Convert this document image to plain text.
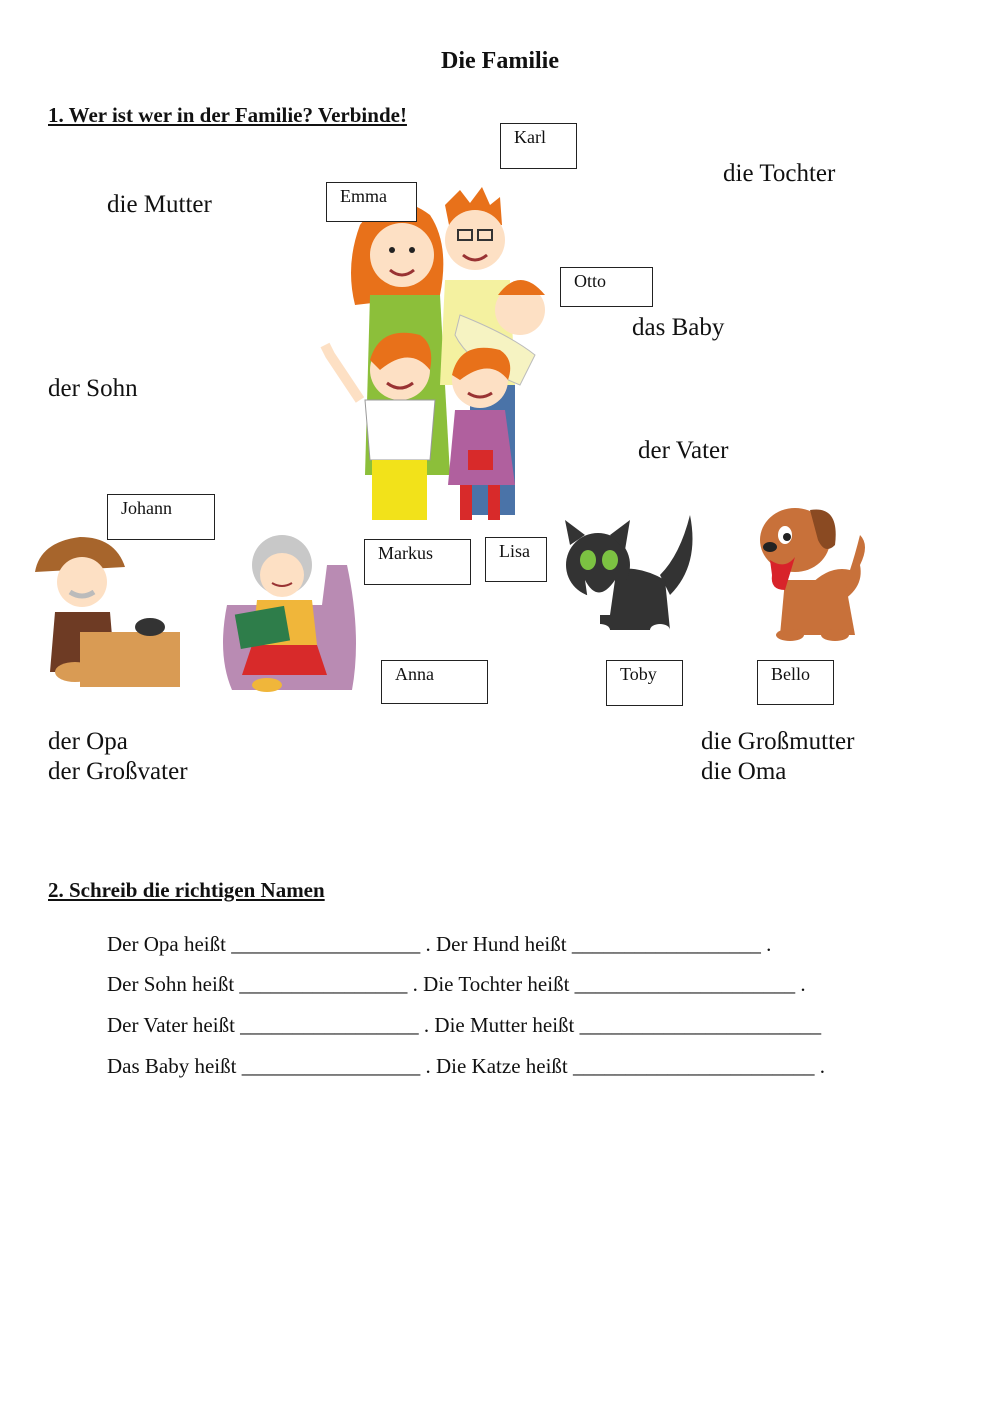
Die Familie
1. Wer ist wer in der Familie? Verbinde!
die Tochter
die Mutter
das Baby
der Sohn
der Vater
der Opa
der Großvater
die Großmutter
die Oma
Karl
Emma
Otto
Johann
Markus	Lisa
Anna	Toby	Bello
2. Schreib die richtigen Namen
Der Opa heißt __________________ . Der Hund heißt __________________ .
Der Sohn heißt ________________ . Die Tochter heißt _____________________ .
Der Vater heißt _________________ . Die Mutter heißt _______________________
Das Baby heißt _________________ . Die Katze heißt _______________________ .
